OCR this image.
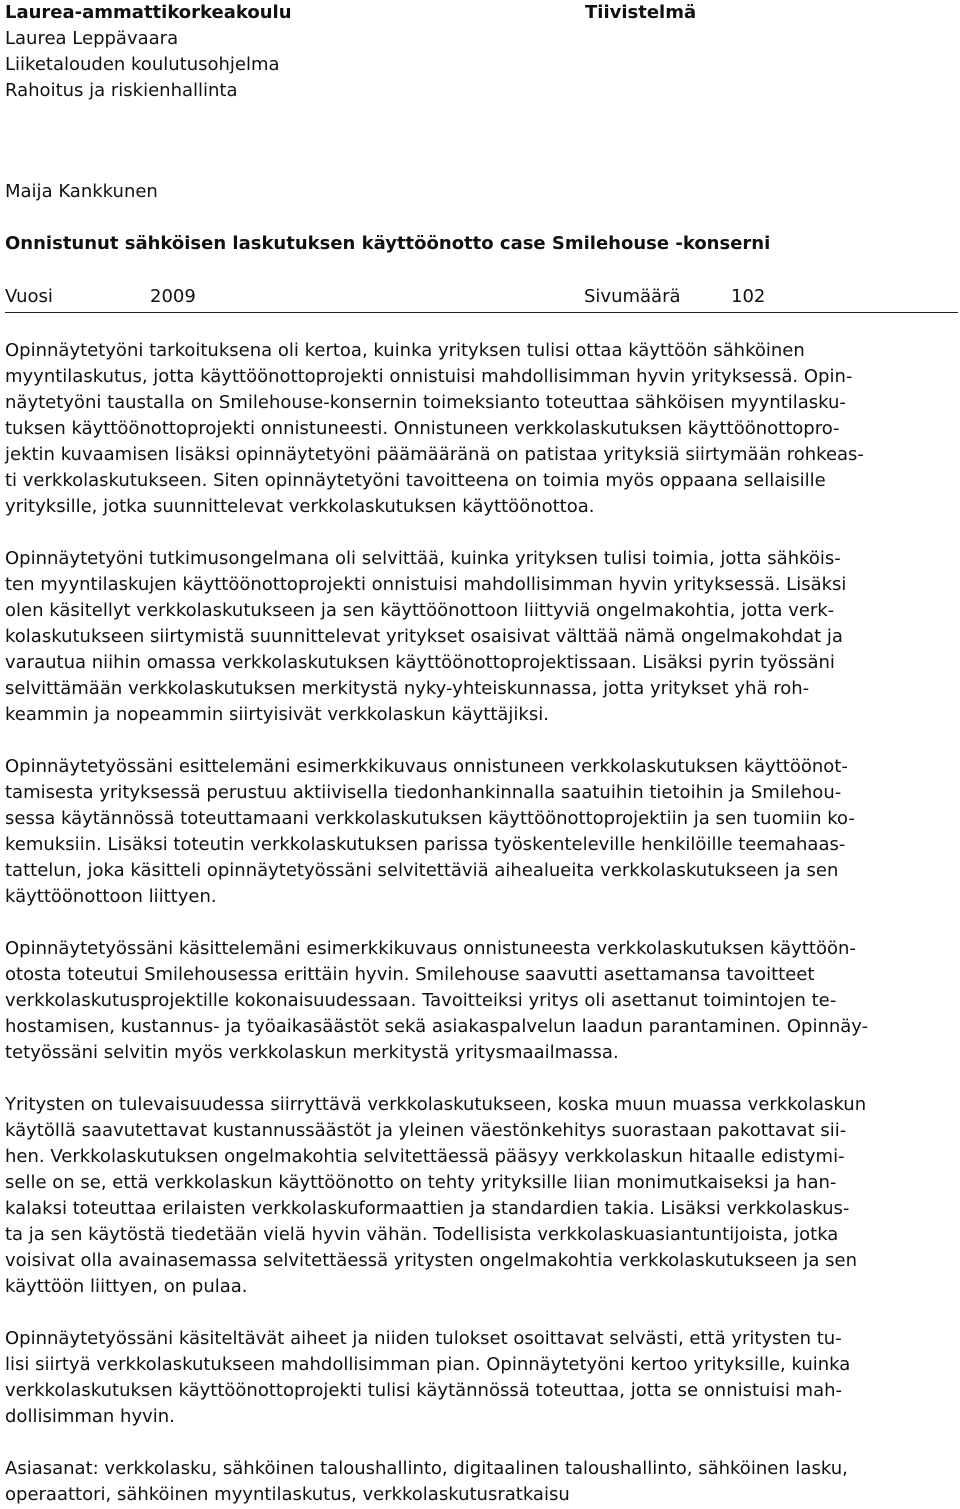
Laurea-ammattikorkeakoulu
Laurea Leppävaara
Liiketalouden koulutusohjelma
Rahoitus ja riskienhallinta
Tiivistelmä
Maija Kankkunen
Onnistunut sähköisen laskutuksen käyttöönotto case Smilehouse -konserni
Vuosi	2009	Sivumäärä	102
Opinnäytetyöni tarkoituksena oli kertoa, kuinka yrityksen tulisi ottaa käyttöön sähköinen
myyntilaskutus, jotta käyttöönottoprojekti onnistuisi mahdollisimman hyvin yrityksessä. Opin-
näytetyöni taustalla on Smilehouse-konsernin toimeksianto toteuttaa sähköisen myyntilasku-
tuksen käyttöönottoprojekti onnistuneesti. Onnistuneen verkkolaskutuksen käyttöönottopro-
jektin kuvaamisen lisäksi opinnäytetyöni päämääränä on patistaa yrityksiä siirtymään rohkeas-
ti verkkolaskutukseen. Siten opinnäytetyöni tavoitteena on toimia myös oppaana sellaisille
yrityksille, jotka suunnittelevat verkkolaskutuksen käyttöönottoa.
Opinnäytetyöni tutkimusongelmana oli selvittää, kuinka yrityksen tulisi toimia, jotta sähköis-
ten myyntilaskujen käyttöönottoprojekti onnistuisi mahdollisimman hyvin yrityksessä. Lisäksi
olen käsitellyt verkkolaskutukseen ja sen käyttöönottoon liittyviä ongelmakohtia, jotta verk-
kolaskutukseen siirtymistä suunnittelevat yritykset osaisivat välttää nämä ongelmakohdat ja
varautua niihin omassa verkkolaskutuksen käyttöönottoprojektissaan. Lisäksi pyrin työssäni
selvittämään verkkolaskutuksen merkitystä nyky-yhteiskunnassa, jotta yritykset yhä roh-
keammin ja nopeammin siirtyisivät verkkolaskun käyttäjiksi.
Opinnäytetyössäni esittelemäni esimerkkikuvaus onnistuneen verkkolaskutuksen käyttöönot-
tamisesta yrityksessä perustuu aktiivisella tiedonhankinnalla saatuihin tietoihin ja Smilehou-
sessa käytännössä toteuttamaani verkkolaskutuksen käyttöönottoprojektiin ja sen tuomiin ko-
kemuksiin. Lisäksi toteutin verkkolaskutuksen parissa työskenteleville henkilöille teemahaas-
tattelun, joka käsitteli opinnäytetyössäni selvitettäviä aihealueita verkkolaskutukseen ja sen
käyttöönottoon liittyen.
Opinnäytetyössäni käsittelemäni esimerkkikuvaus onnistuneesta verkkolaskutuksen käyttöön-
otosta toteutui Smilehousessa erittäin hyvin. Smilehouse saavutti asettamansa tavoitteet
verkkolaskutusprojektille kokonaisuudessaan. Tavoitteiksi yritys oli asettanut toimintojen te-
hostamisen, kustannus- ja työaikasäästöt sekä asiakaspalvelun laadun parantaminen. Opinnäy-
tetyössäni selvitin myös verkkolaskun merkitystä yritysmaailmassa.
Yritysten on tulevaisuudessa siirryttävä verkkolaskutukseen, koska muun muassa verkkolaskun
käytöllä saavutettavat kustannussäästöt ja yleinen väestönkehitys suorastaan pakottavat sii-
hen. Verkkolaskutuksen ongelmakohtia selvitettäessä pääsyy verkkolaskun hitaalle edistymi-
selle on se, että verkkolaskun käyttöönotto on tehty yrityksille liian monimutkaiseksi ja han-
kalaksi toteuttaa erilaisten verkkolaskuformaattien ja standardien takia. Lisäksi verkkolaskus-
ta ja sen käytöstä tiedetään vielä hyvin vähän. Todellisista verkkolaskuasiantuntijoista, jotka
voisivat olla avainasemassa selvitettäessä yritysten ongelmakohtia verkkolaskutukseen ja sen
käyttöön liittyen, on pulaa.
Opinnäytetyössäni käsiteltävät aiheet ja niiden tulokset osoittavat selvästi, että yritysten tu-
lisi siirtyä verkkolaskutukseen mahdollisimman pian. Opinnäytetyöni kertoo yrityksille, kuinka
verkkolaskutuksen käyttöönottoprojekti tulisi käytännössä toteuttaa, jotta se onnistuisi mah-
dollisimman hyvin.
Asiasanat: verkkolasku, sähköinen taloushallinto, digitaalinen taloushallinto, sähköinen lasku,
operaattori, sähköinen myyntilaskutus, verkkolaskutusratkaisu
